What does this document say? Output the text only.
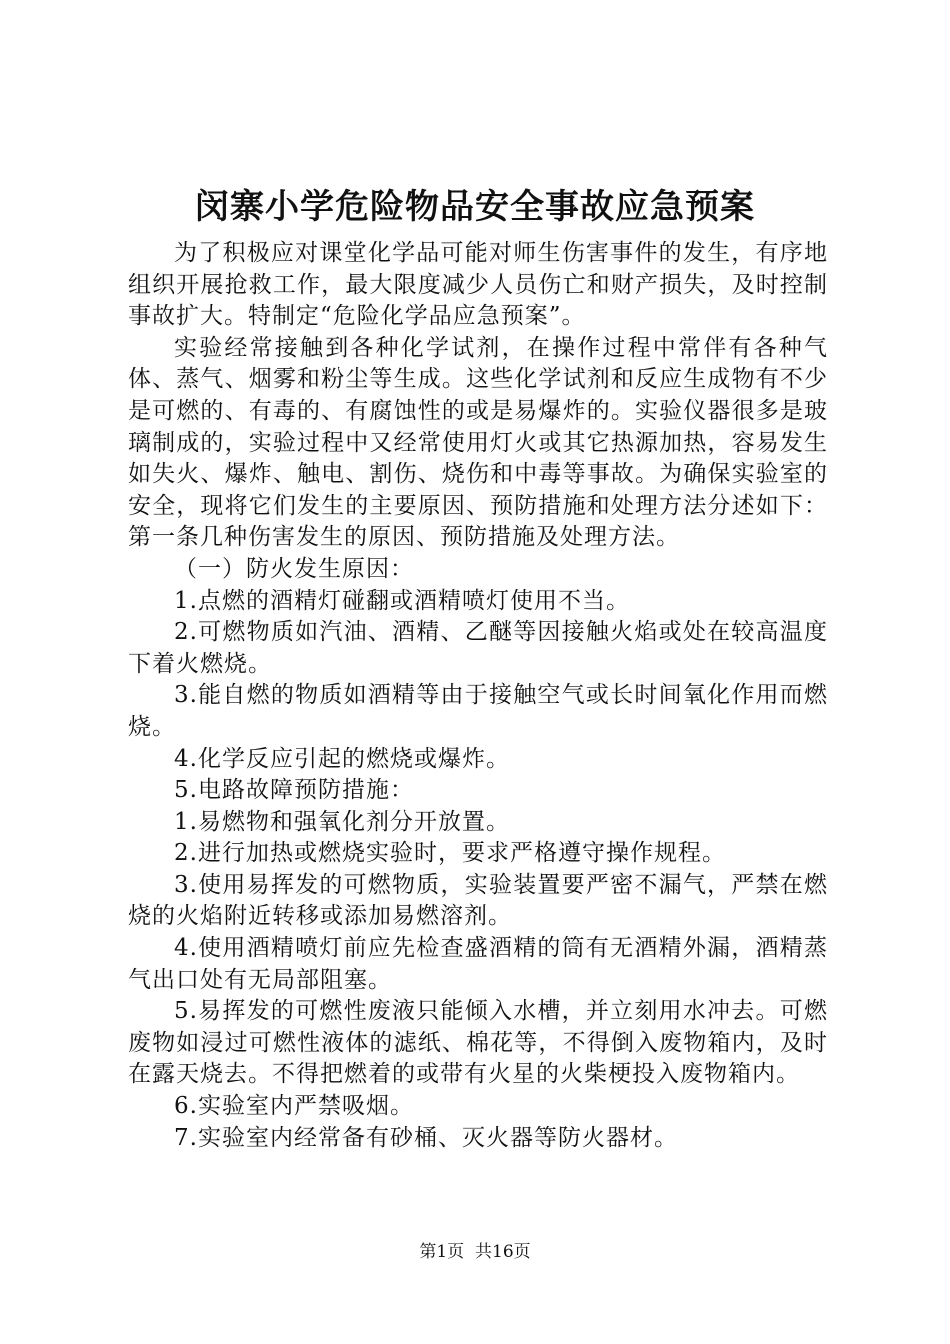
闵寨小学危险物品安全事故应急预案

为了积极应对课堂化学品可能对师生伤害事件的发生，有序地组织开展抢救工作，最大限度减少人员伤亡和财产损失，及时控制事故扩大。特制定“危险化学品应急预案”。

实验经常接触到各种化学试剂，在操作过程中常伴有各种气体、蒸气、烟雾和粉尘等生成。这些化学试剂和反应生成物有不少是可燃的、有毒的、有腐蚀性的或是易爆炸的。实验仪器很多是玻璃制成的，实验过程中又经常使用灯火或其它热源加热，容易发生如失火、爆炸、触电、割伤、烧伤和中毒等事故。为确保实验室的安全，现将它们发生的主要原因、预防措施和处理方法分述如下：第一条几种伤害发生的原因、预防措施及处理方法。

（一）防火发生原因：

1.点燃的酒精灯碰翻或酒精喷灯使用不当。

2.可燃物质如汽油、酒精、乙醚等因接触火焰或处在较高温度下着火燃烧。

3.能自燃的物质如酒精等由于接触空气或长时间氧化作用而燃烧。

4.化学反应引起的燃烧或爆炸。

5.电路故障预防措施：

1.易燃物和强氧化剂分开放置。

2.进行加热或燃烧实验时，要求严格遵守操作规程。

3.使用易挥发的可燃物质，实验装置要严密不漏气，严禁在燃烧的火焰附近转移或添加易燃溶剂。

4.使用酒精喷灯前应先检查盛酒精的筒有无酒精外漏，酒精蒸气出口处有无局部阻塞。

5.易挥发的可燃性废液只能倾入水槽，并立刻用水冲去。可燃废物如浸过可燃性液体的滤纸、棉花等，不得倒入废物箱内，及时在露天烧去。不得把燃着的或带有火星的火柴梗投入废物箱内。

6.实验室内严禁吸烟。

7.实验室内经常备有砂桶、灭火器等防火器材。

第1页 共16页
